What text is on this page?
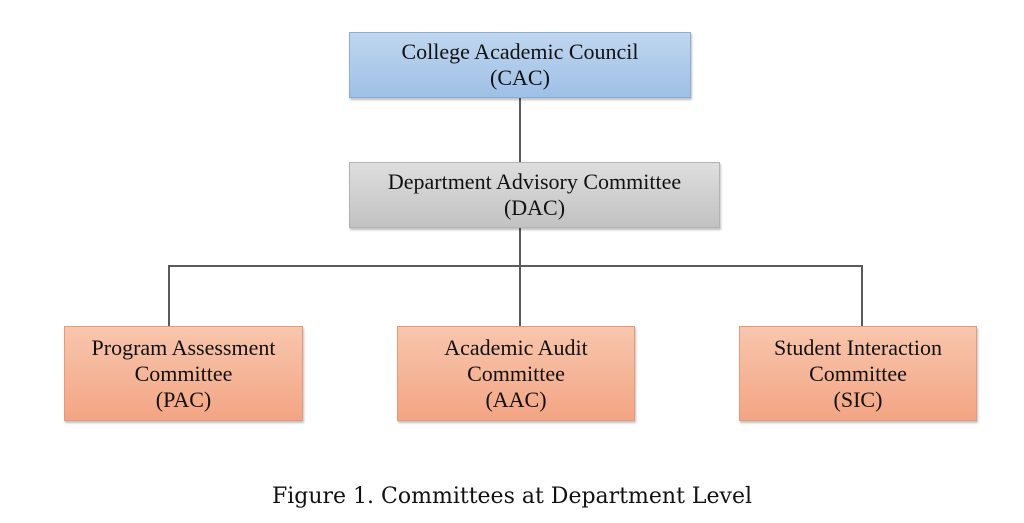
College Academic Council
(CAC)
Department Advisory Committee
(DAC)
Program Assessment
Committee
(PAC)
Academic Audit
Committee
(AAC)
Student Interaction
Committee
(SIC)
Figure 1. Committees at Department Level
